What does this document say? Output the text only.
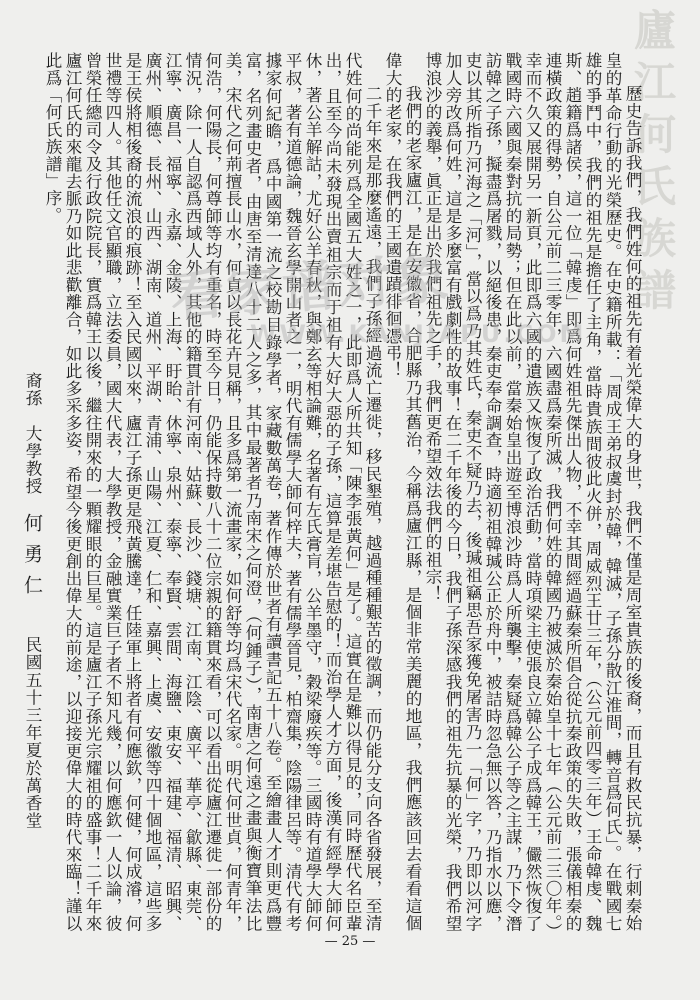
廬江何氏族譜

歷史告訴我們，我們姓何的祖先有着光榮偉大的身世，我們不僅是周室貴族的後裔，而且有救民抗暴，行刺秦始皇的革命行動的光榮歷史。在史籍所載：「周成王弟叔虞封於韓，韓滅，子孫分散江淮間，轉音爲何氏」。在戰國七雄的爭鬥中，我們的祖先是擔任了主角，當時貴族間彼此火併，周威烈王廿三年，（公元前四零三年）王命韓虔、魏斯、趙籍爲諸侯，這一位「韓虔」即爲何姓祖先傑出人物，不幸其間經過蘇秦所倡合從抗秦政策的失敗，張儀相秦的連橫政策的得勢，自公元前二三零年，六國盡爲秦所滅，我們何姓的韓國乃被滅於秦始皇十七年（公元前二三〇年。）幸而不久又展開另一新頁，此即爲六國的遺族又恢復了政治活動，當時項梁主使張良立韓公子成爲韓王，儼然恢復了戰國時六國與秦對抗的局勢；但在此以前，當秦始皇出遊至博浪沙時爲人所襲擊，秦疑爲韓公子等之主謀，乃下令潛訪韓之子孫，擬盡爲屠戮，以絕後患，秦吏奉命調查，時適初祖韓瑊公正於舟中，被詰時忽急無以答，乃指水以應，吏以其所指乃河海之「河」，當以爲乃其姓氏，秦吏不疑乃去，後瑊祖竊思吾家獲免屠害乃一「何」字，乃即以河字加人旁改爲何姓，這是多麼富有戲劇性的故事！在二千年後的今日，我們子孫深感我們的祖先抗暴的光榮，我們希望博浪沙的義舉，眞正是出於我們祖先之手，我們更希望效法我們的祖宗！

我們的老家廬江，是在安徽省，合肥縣乃其舊治，今稱爲廬江縣，是個非常美麗的地區，我們應該回去看看這個偉大的老家，在我們的王國遺蹟徘徊憑弔！

二千年來是那麼遙遠，我們子孫經過流亡遷徙，移民墾殖，越過種種艱苦的徵調，而仍能分支向各省發展，至清代姓何的尚能列爲全國五大姓之一，此即爲人所共知「陳李張黃何」是了。這實在是難以得見的，同時歷代名臣輩出，且至今尚未發現出賣祖宗而于祖有大好大惡的子孫，這算是差堪告慰的！而治學人才方面，後漢有經學大師何休，著公羊解詁，尤好公羊春秋，與鄭玄等相論難，名著有左氏膏肓，公羊墨守，穀梁廢疾等。三國時有道學大師何平叔，著有道德論，魏晉玄學開山者之一，明代有儒學大師何梓夫，著有儒學晉見，柏齋集，陰陽律呂等。清代有考據家何紀瞻，爲中國第一流之校勘目錄學者，家藏數萬卷，著作傳於世者有讀書記五十八卷。至繪畫人才則更爲豐富，名列畫史者，由唐至清達八十二人之多，其中最著者乃南宋之何澄，（何鍾子），南唐之何遠之畫與衡寶筆法比美，宋代之何荊擅長山水，何貞以長花卉見稱，且多爲第一流畫家，如何舒等均爲宋代名家。明代何世貞，何青年，何浩，何陽長，何尊師等均有重名，時至今日，仍能保持數八十二位宗親的籍貫來看，可以看出從廬江遷徙一部份的情況，除一人自認爲西域人外，其他的籍貫計有河南、姑蘇、長沙、錢塘、江南、江陰、廣平、華亭、歙縣、東莞、江寧、廣昌、福寧、永嘉、金陵、上海、盱眙、休寧、泉州、泰寧、奉賢、雲間、海鹽、東安、福建、福清、昭興、廣州、順德、長州、山西、湖南、道州、平湖、青浦、山陽、江夏、仁和、嘉興、上虞、安徽等四十個地區，這些多是王侯將相後裔的流浪的痕跡！至入民國以來，廬江子孫更是飛黃騰達，任陸軍上將者有何應欽，何健，何成濬，何世禮等四人。其他任文官顯職，立法委員，國大代表，大學教授，金融實業巨子者不知凡幾，以何應欽一人以論，彼曾榮任總司令及行政院院長，實爲韓王以後，繼往開來的一顆耀眼的巨星。這是廬江子孫光宗耀祖的盛事！二千年來廬江何氏的來龍去脈乃如此悲歡離合，如此多采多姿，希望今後更創出偉大的前途，以迎接更偉大的時代來臨！謹以此爲「何氏族譜」序。

裔孫　大學教授　何勇仁民國五十三年夏於萬香堂

看家谱对象
WWW.KANJIAPU.COM
— 25 —
